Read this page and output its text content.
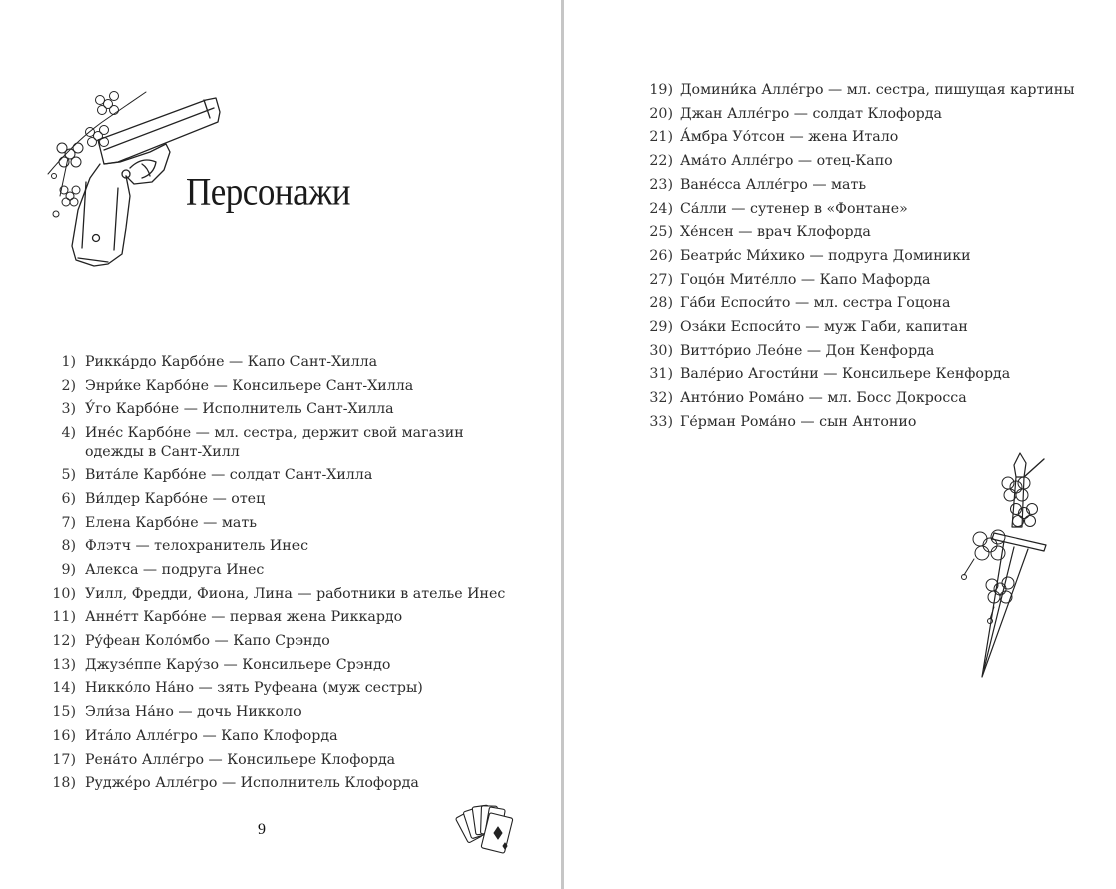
Персонажи
1) Рикка́рдо Карбо́не — Капо Сант-Хилла
2) Энри́ке Карбо́не — Консильере Сант-Хилла
3) У́го Карбо́не — Исполнитель Сант-Хилла
4) Ине́с Карбо́не — мл. сестра, держит свой магазин одежды в Сант-Хилл
5) Вита́ле Карбо́не — солдат Сант-Хилла
6) Ви́лдер Карбо́не — отец
7) Елена Карбо́не — мать
8) Флэтч — телохранитель Инес
9) Алекса — подруга Инес
10) Уилл, Фредди, Фиона, Лина — работники в ателье Инес
11) Анне́тт Карбо́не — первая жена Риккардо
12) Ру́феан Коло́мбо — Капо Срэндо
13) Джузе́ппе Кару́зо — Консильере Срэндо
14) Никко́ло На́но — зять Руфеана (муж сестры)
15) Эли́за На́но — дочь Никколо
16) Ита́ло Алле́гро — Капо Клофорда
17) Рена́то Алле́гро — Консильере Клофорда
18) Руджéро Алле́гро — Исполнитель Клофорда
9
19) Домини́ка Алле́гро — мл. сестра, пишущая картины
20) Джан Алле́гро — солдат Клофорда
21) А́мбра Уо́тсон — жена Итало
22) Ама́то Алле́гро — отец-Капо
23) Ване́сса Алле́гро — мать
24) Са́лли — сутенер в «Фонтане»
25) Хе́нсен — врач Клофорда
26) Беатри́с Ми́хико — подруга Доминики
27) Гоцо́н Мите́лло — Капо Мафорда
28) Га́би Еспоси́то — мл. сестра Гоцона
29) Оза́ки Еспоси́то — муж Габи, капитан
30) Витто́рио Лео́не — Дон Кенфорда
31) Вале́рио Агости́ни — Консильере Кенфорда
32) Анто́нио Рома́но — мл. Босс Докросса
33) Ге́рман Рома́но — сын Антонио
